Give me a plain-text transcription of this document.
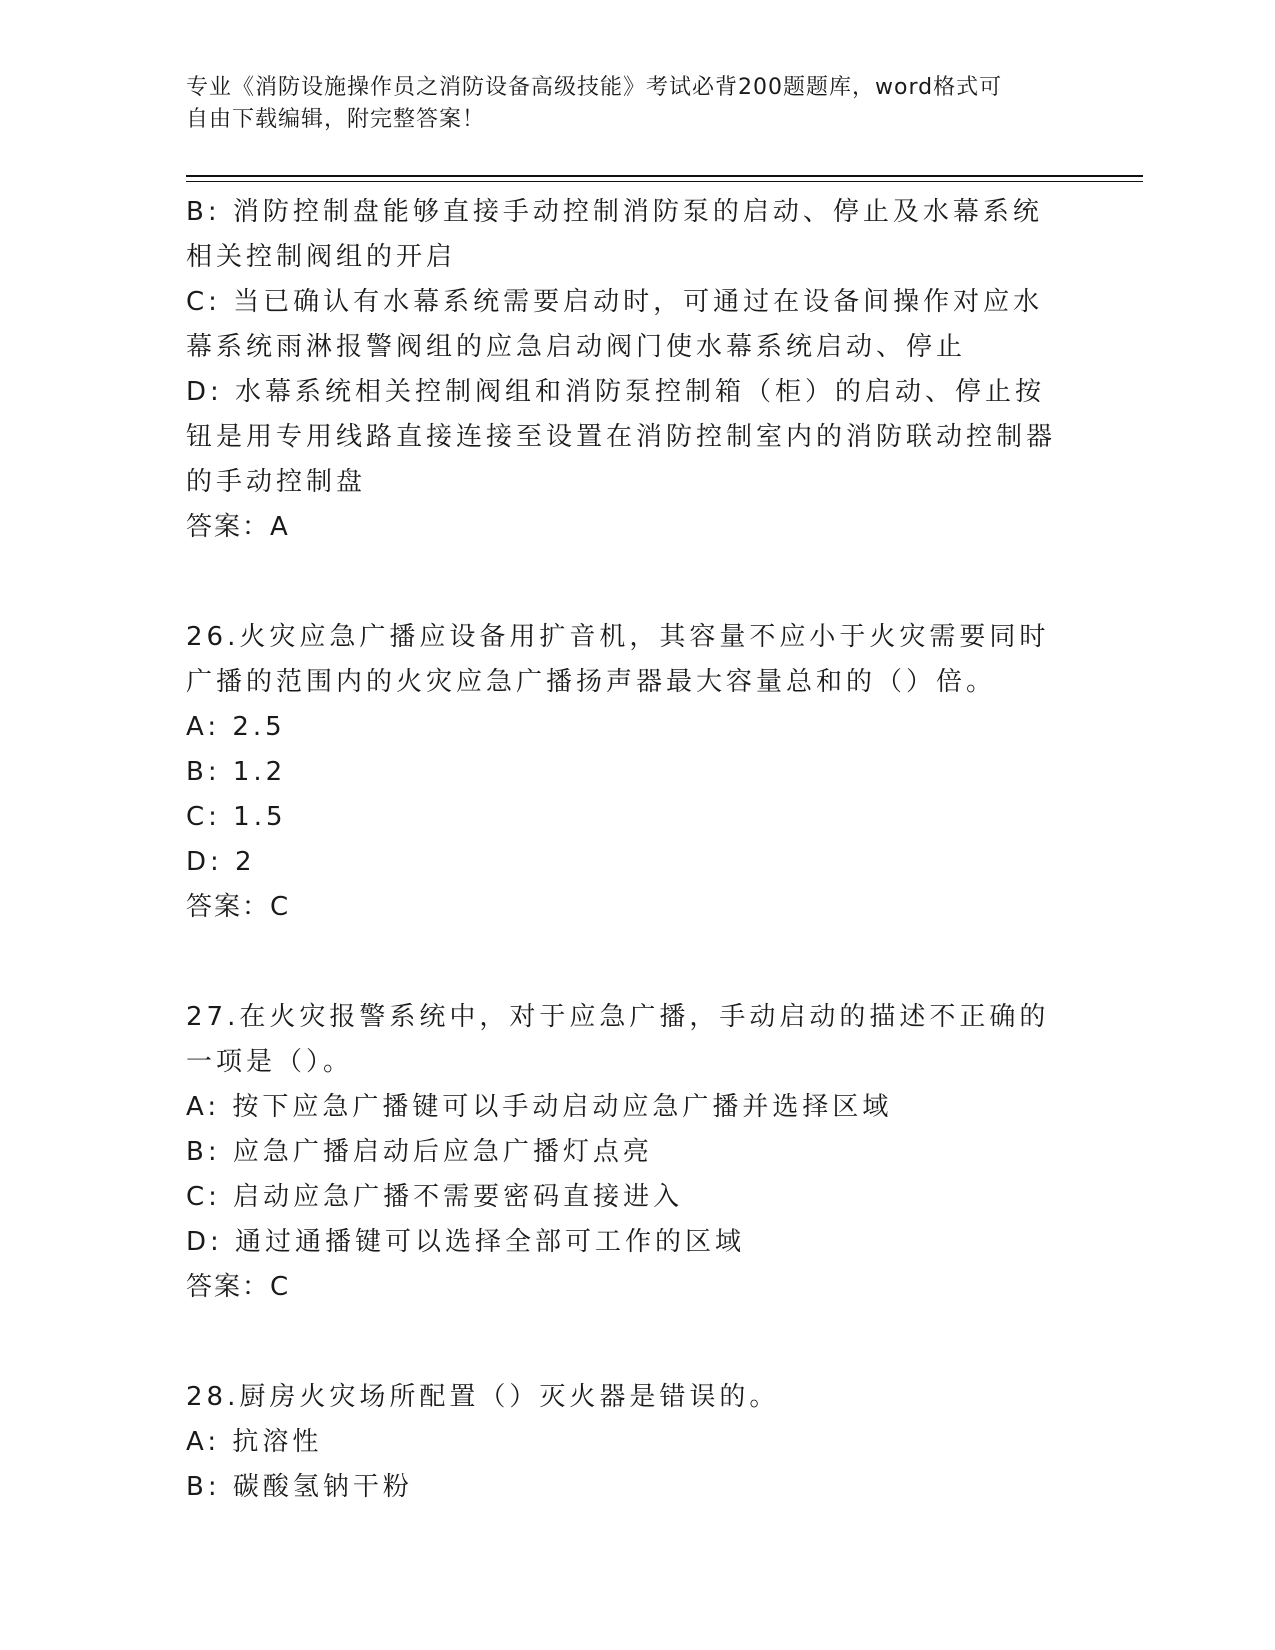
专业《消防设施操作员之消防设备高级技能》考试必背200题题库，word格式可
自由下载编辑，附完整答案！

B: 消防控制盘能够直接手动控制消防泵的启动、停止及水幕系统相关控制阀组的开启

C: 当已确认有水幕系统需要启动时，可通过在设备间操作对应水幕系统雨淋报警阀组的应急启动阀门使水幕系统启动、停止

D: 水幕系统相关控制阀组和消防泵控制箱（柜）的启动、停止按钮是用专用线路直接连接至设置在消防控制室内的消防联动控制器的手动控制盘

答案：A

26.火灾应急广播应设备用扩音机，其容量不应小于火灾需要同时广播的范围内的火灾应急广播扬声器最大容量总和的（）倍。

A: 2.5

B: 1.2

C: 1.5

D: 2

答案：C

27.在火灾报警系统中，对于应急广播，手动启动的描述不正确的一项是（）。

A: 按下应急广播键可以手动启动应急广播并选择区域

B: 应急广播启动后应急广播灯点亮

C: 启动应急广播不需要密码直接进入

D: 通过通播键可以选择全部可工作的区域

答案：C

28.厨房火灾场所配置（）灭火器是错误的。

A: 抗溶性

B: 碳酸氢钠干粉
